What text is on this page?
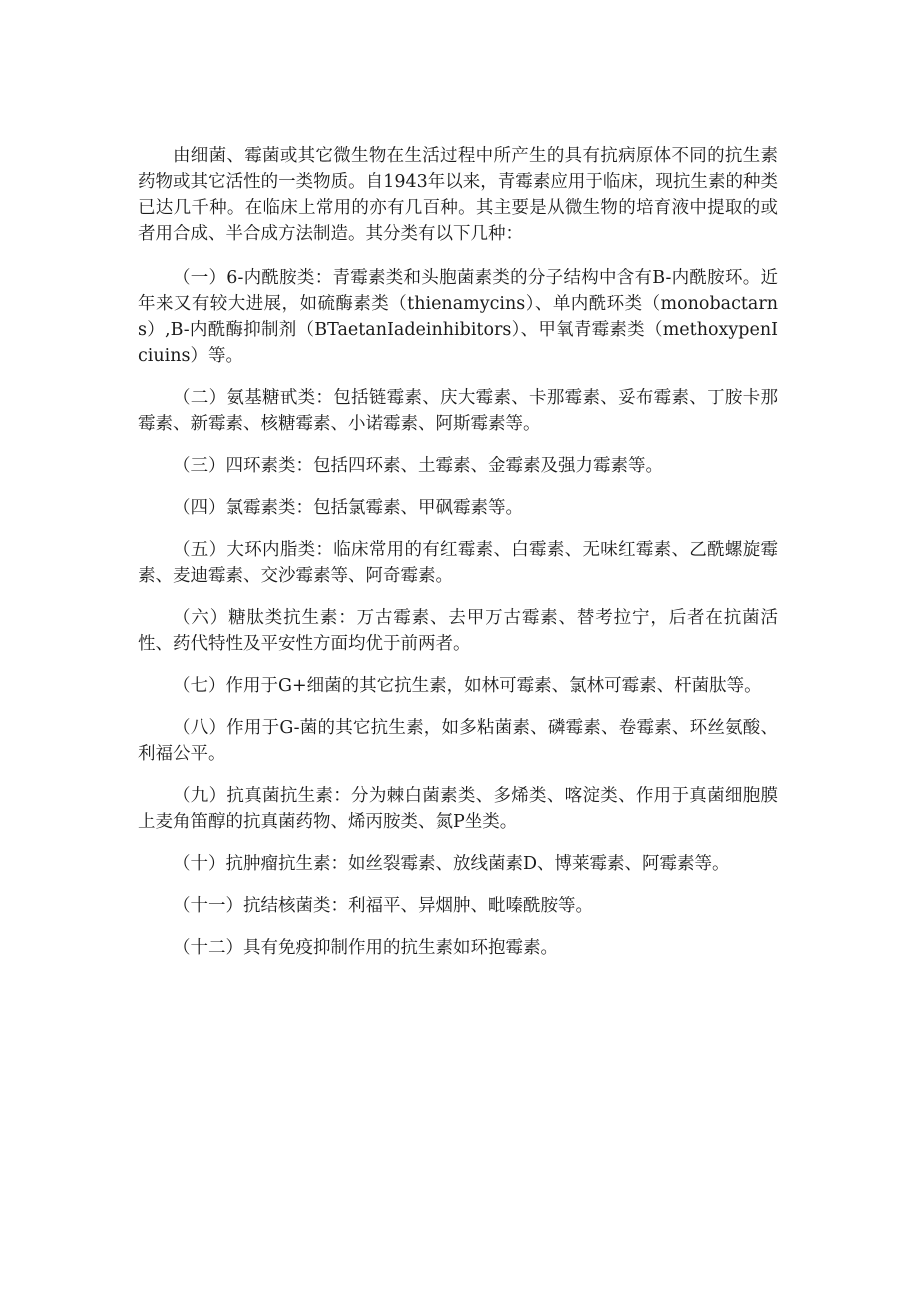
由细菌、霉菌或其它微生物在生活过程中所产生的具有抗病原体不同的抗生素药物或其它活性的一类物质。自1943年以来，青霉素应用于临床，现抗生素的种类已达几千种。在临床上常用的亦有几百种。其主要是从微生物的培育液中提取的或者用合成、半合成方法制造。其分类有以下几种：

（一）6-内酰胺类：青霉素类和头胞菌素类的分子结构中含有B-内酰胺环。近年来又有较大进展，如硫酶素类（thienamycins）、单内酰环类（monobactarns）,B-内酰酶抑制剂（BTaetanIadeinhibitors）、甲氧青霉素类（methoxypenIciuins）等。

（二）氨基糖甙类：包括链霉素、庆大霉素、卡那霉素、妥布霉素、丁胺卡那霉素、新霉素、核糖霉素、小诺霉素、阿斯霉素等。

（三）四环素类：包括四环素、土霉素、金霉素及强力霉素等。

（四）氯霉素类：包括氯霉素、甲砜霉素等。

（五）大环内脂类：临床常用的有红霉素、白霉素、无味红霉素、乙酰螺旋霉素、麦迪霉素、交沙霉素等、阿奇霉素。

（六）糖肽类抗生素：万古霉素、去甲万古霉素、替考拉宁，后者在抗菌活性、药代特性及平安性方面均优于前两者。

（七）作用于G+细菌的其它抗生素，如林可霉素、氯林可霉素、杆菌肽等。

（八）作用于G-菌的其它抗生素，如多粘菌素、磷霉素、卷霉素、环丝氨酸、利福公平。

（九）抗真菌抗生素：分为棘白菌素类、多烯类、喀淀类、作用于真菌细胞膜上麦角笛醇的抗真菌药物、烯丙胺类、氮P坐类。

（十）抗肿瘤抗生素：如丝裂霉素、放线菌素D、博莱霉素、阿霉素等。

（十一）抗结核菌类：利福平、异烟肿、毗嗪酰胺等。

（十二）具有免疫抑制作用的抗生素如环抱霉素。
